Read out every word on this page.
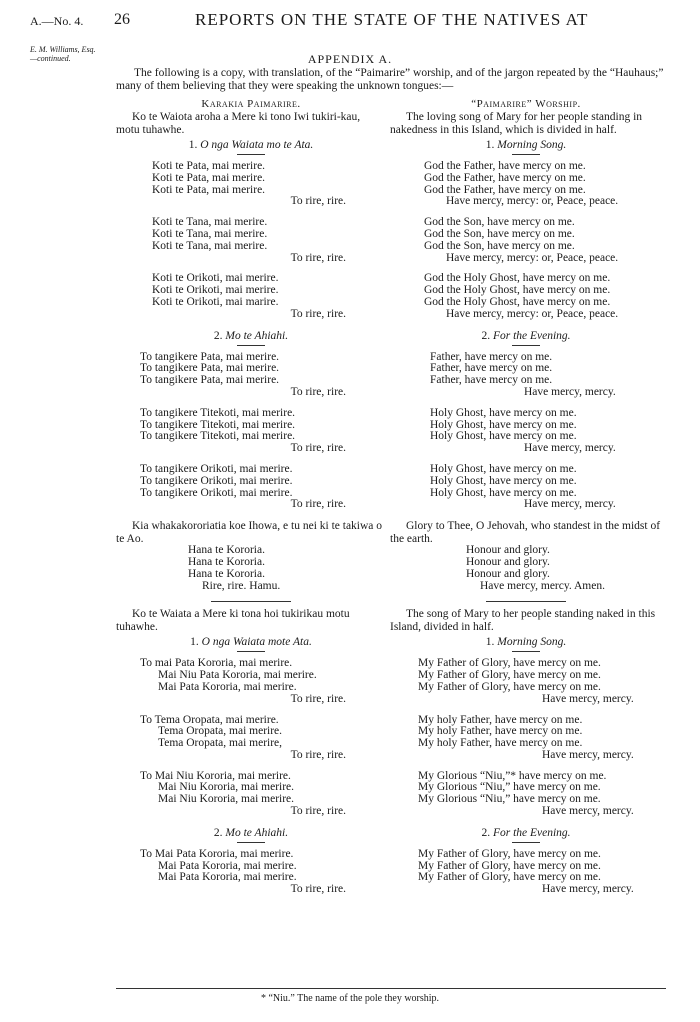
A.—No. 4. 26	REPORTS ON THE STATE OF THE NATIVES AT
E. M. Williams, Esq.
—continued.	APPENDIX A.
The following is a copy, with translation, of the “Paimarire” worship, and of the jargon repeated by the “Hauhaus;” many of them believing that they were speaking the unknown tongues:—
Karakia Paimarire.

Ko te Waiota aroha a Mere ki tono Iwi tukiri-kau, motu tuhawhe.

1. O nga Waiata mo te Ata.
Koti te Pata, mai merire.
Koti te Pata, mai merire.
Koti te Pata, mai merire.
To rire, rire.
Koti te Tana, mai merire.
Koti te Tana, mai merire.
Koti te Tana, mai merire.
To rire, rire.
Koti te Orikoti, mai merire.
Koti te Orikoti, mai merire.
Koti te Orikoti, mai marire.
To rire, rire.
2. Mo te Ahiahi.
To tangikere Pata, mai merire.
To tangikere Pata, mai merire.
To tangikere Pata, mai merire.
To rire, rire.
To tangikere Titekoti, mai merire.
To tangikere Titekoti, mai merire.
To tangikere Titekoti, mai merire.
To rire, rire.
To tangikere Orikoti, mai merire.
To tangikere Orikoti, mai merire.
To tangikere Orikoti, mai merire.
To rire, rire.

Kia whakakororiatia koe Ihowa, e tu nei ki te takiwa o te Ao.

Hana te Kororia.
Hana te Kororia.
Hana te Kororia.
Rire, rire. Hamu.

Ko te Waiata a Mere ki tona hoi tukirikau motu tuhawhe.

1. O nga Waiata mote Ata.
To mai Pata Kororia, mai merire.
Mai Niu Pata Kororia, mai merire.
Mai Pata Kororia, mai merire.
To rire, rire.
To Tema Oropata, mai merire.
Tema Oropata, mai merire.
Tema Oropata, mai merire,
To rire, rire.
To Mai Niu Kororia, mai merire.
Mai Niu Kororia, mai merire.
Mai Niu Kororia, mai merire.
To rire, rire.
2. Mo te Ahiahi.
To Mai Pata Kororia, mai merire.
Mai Pata Kororia, mai merire.
Mai Pata Kororia, mai merire.
To rire, rire.
“Paimarire” Worship.

The loving song of Mary for her people standing in nakedness in this Island, which is divided in half.

1. Morning Song.
God the Father, have mercy on me.
God the Father, have mercy on me.
God the Father, have mercy on me.
Have mercy, mercy: or, Peace, peace.
God the Son, have mercy on me.
God the Son, have mercy on me.
God the Son, have mercy on me.
Have mercy, mercy: or, Peace, peace.
God the Holy Ghost, have mercy on me.
God the Holy Ghost, have mercy on me.
God the Holy Ghost, have mercy on me.
Have mercy, mercy: or, Peace, peace.
2. For the Evening.
Father, have mercy on me.
Father, have mercy on me.
Father, have mercy on me.
Have mercy, mercy.
Holy Ghost, have mercy on me.
Holy Ghost, have mercy on me.
Holy Ghost, have mercy on me.
Have mercy, mercy.
Holy Ghost, have mercy on me.
Holy Ghost, have mercy on me.
Holy Ghost, have mercy on me.
Have mercy, mercy.

Glory to Thee, O Jehovah, who standest in the midst of the earth.

Honour and glory.
Honour and glory.
Honour and glory.
Have mercy, mercy. Amen.

The song of Mary to her people standing naked in this Island, divided in half.

1. Morning Song.
My Father of Glory, have mercy on me.
My Father of Glory, have mercy on me.
My Father of Glory, have mercy on me.
Have mercy, mercy.
My holy Father, have mercy on me.
My holy Father, have mercy on me.
My holy Father, have mercy on me.
Have mercy, mercy.
My Glorious “Niu,”* have mercy on me.
My Glorious “Niu,” have mercy on me.
My Glorious “Niu,” have mercy on me.
Have mercy, mercy.
2. For the Evening.
My Father of Glory, have mercy on me.
My Father of Glory, have mercy on me.
My Father of Glory, have mercy on me.
Have mercy, mercy.
* “Niu.” The name of the pole they worship.
